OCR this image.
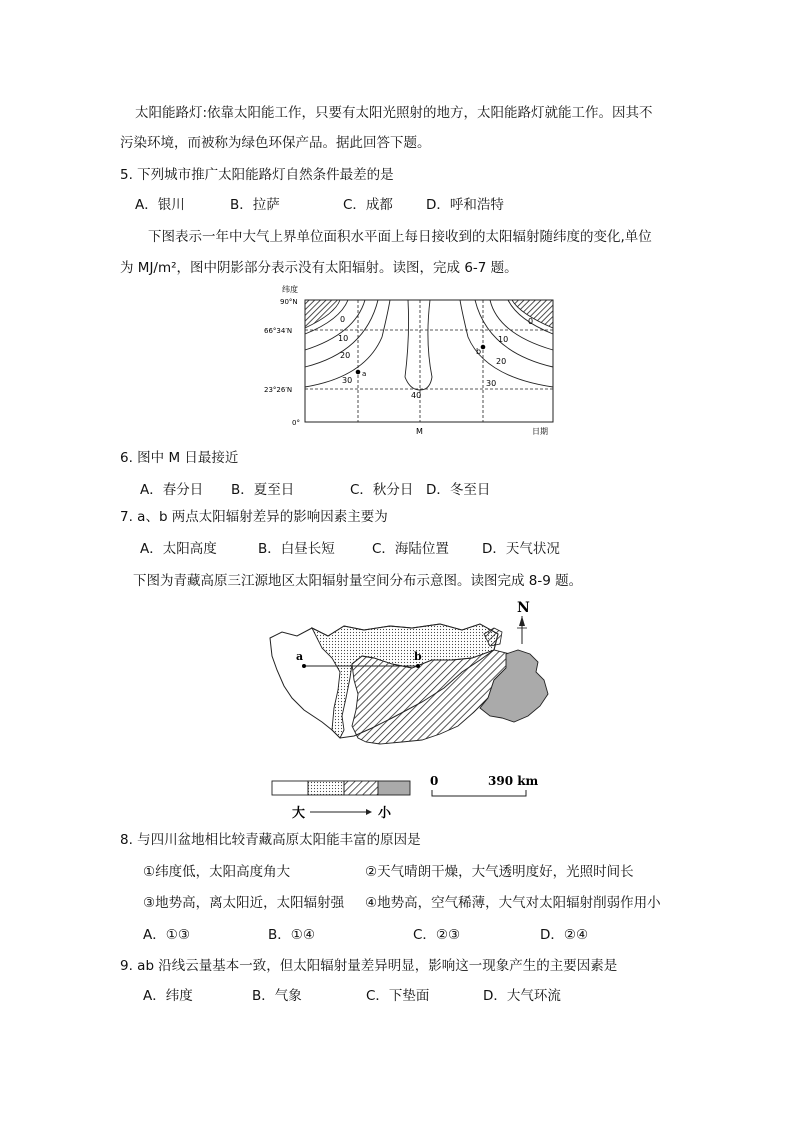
太阳能路灯:依靠太阳能工作，只要有太阳光照射的地方，太阳能路灯就能工作。因其不
污染环境，而被称为绿色环保产品。据此回答下题。
5. 下列城市推广太阳能路灯自然条件最差的是
A．银川	B．拉萨	C．成都 D．呼和浩特
下图表示一年中大气上界单位面积水平面上每日接收到的太阳辐射随纬度的变化,单位
为 MJ/m²，图中阴影部分表示没有太阳辐射。读图，完成 6-7 题。
a
b
0
10
20
30
40
0
10
20
30
纬度
90°N
66°34′N
23°26′N
0°
M	日期
6. 图中 M 日最接近
A．春分日 B．夏至日	C．秋分日 D．冬至日
7. a、b 两点太阳辐射差异的影响因素主要为
A．太阳高度	B．白昼长短	C．海陆位置 D．天气状况
下图为青藏高原三江源地区太阳辐射量空间分布示意图。读图完成 8-9 题。
N
a	b
大	小
0	390 km
8. 与四川盆地相比较青藏高原太阳能丰富的原因是
①纬度低，太阳高度角大	②天气晴朗干燥，大气透明度好，光照时间长
③地势高，离太阳近，太阳辐射强 ④地势高，空气稀薄，大气对太阳辐射削弱作用小
A．①③	B．①④	C．②③	D．②④
9. ab 沿线云量基本一致，但太阳辐射量差异明显，影响这一现象产生的主要因素是
A．纬度	B．气象	C．下垫面	D．大气环流
